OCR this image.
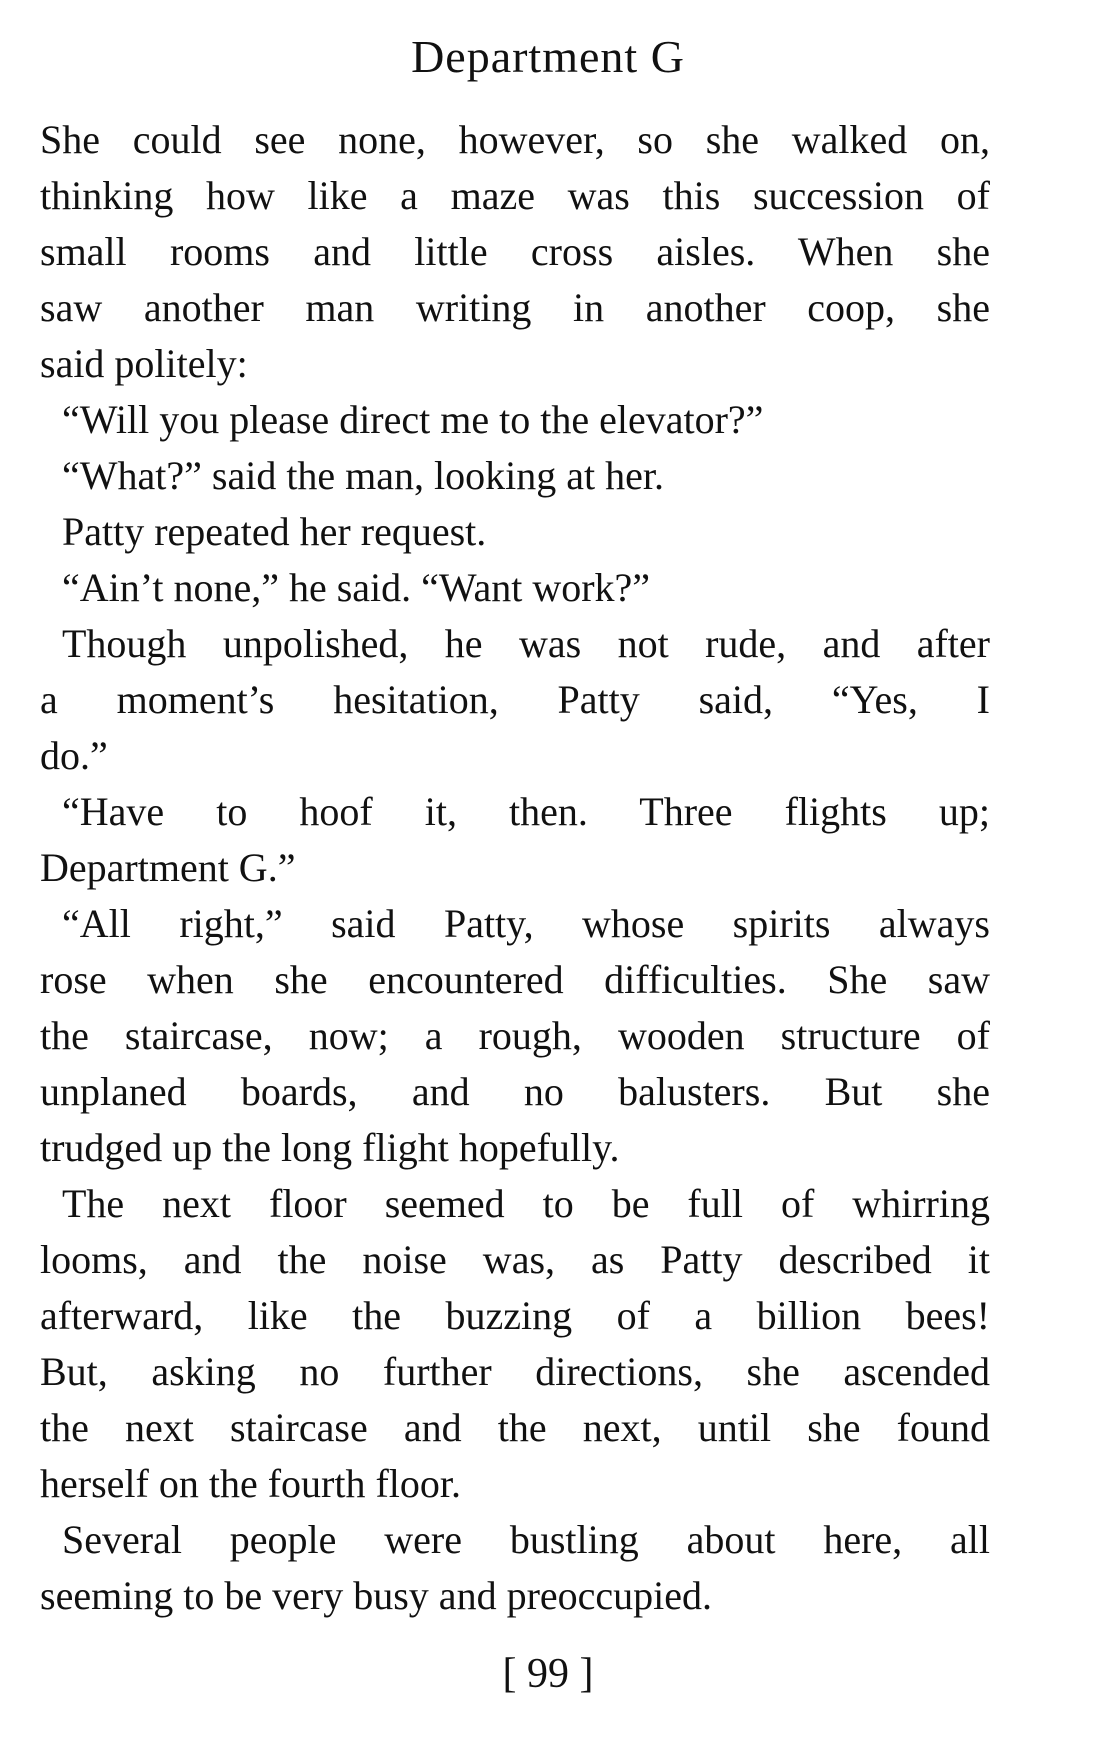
Department G
She could see none, however, so she walked on,
thinking how like a maze was this succession of
small rooms and little cross aisles. When she
saw another man writing in another coop, she
said politely:
“Will you please direct me to the elevator?”
“What?” said the man, looking at her.
Patty repeated her request.
“Ain’t none,” he said. “Want work?”
Though unpolished, he was not rude, and after
a moment’s hesitation, Patty said, “Yes, I
do.”
“Have to hoof it, then. Three flights up;
Department G.”
“All right,” said Patty, whose spirits always
rose when she encountered difficulties. She saw
the staircase, now; a rough, wooden structure of
unplaned boards, and no balusters. But she
trudged up the long flight hopefully.
The next floor seemed to be full of whirring
looms, and the noise was, as Patty described it
afterward, like the buzzing of a billion bees!
But, asking no further directions, she ascended
the next staircase and the next, until she found
herself on the fourth floor.
Several people were bustling about here, all
seeming to be very busy and preoccupied.
[ 99 ]
